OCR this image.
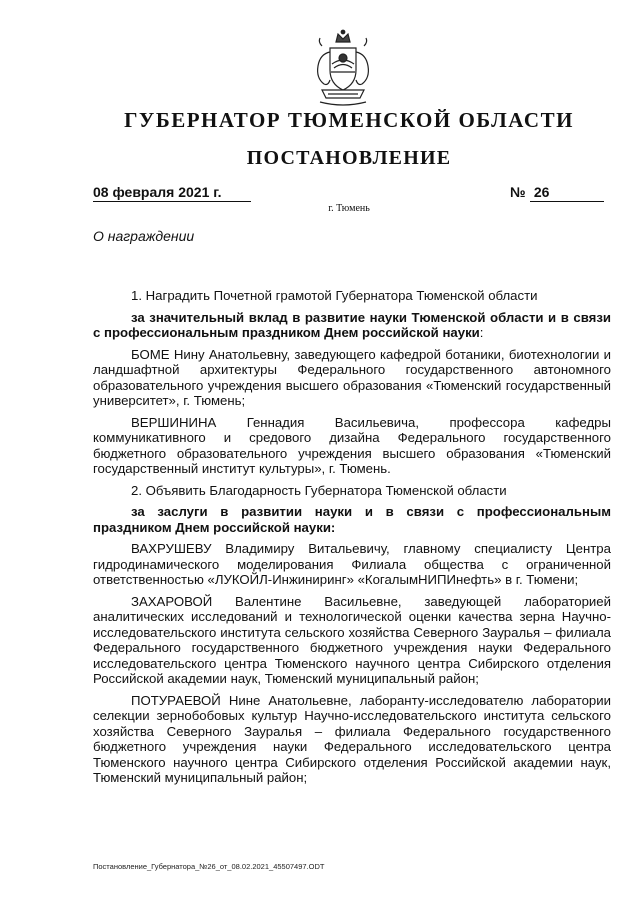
ГУБЕРНАТОР ТЮМЕНСКОЙ ОБЛАСТИ
ПОСТАНОВЛЕНИЕ
08 февраля 2021 г.	№ 26
г. Тюмень
О награждении

1. Наградить Почетной грамотой Губернатора Тюменской области

за значительный вклад в развитие науки Тюменской области и в связи с профессиональным праздником Днем российской науки:

БОМЕ Нину Анатольевну, заведующего кафедрой ботаники, биотехнологии и ландшафтной архитектуры Федерального государственного автономного образовательного учреждения высшего образования «Тюменский государственный университет», г. Тюмень;

ВЕРШИНИНА Геннадия Васильевича, профессора кафедры коммуникативного и средового дизайна Федерального государственного бюджетного образовательного учреждения высшего образования «Тюменский государственный институт культуры», г. Тюмень.

2. Объявить Благодарность Губернатора Тюменской области

за заслуги в развитии науки и в связи с профессиональным праздником Днем российской науки:

ВАХРУШЕВУ Владимиру Витальевичу, главному специалисту Центра гидродинамического моделирования Филиала общества с ограниченной ответственностью «ЛУКОЙЛ-Инжиниринг» «КогалымНИПИнефть» в г. Тюмени;

ЗАХАРОВОЙ Валентине Васильевне, заведующей лабораторией аналитических исследований и технологической оценки качества зерна Научно-исследовательского института сельского хозяйства Северного Зауралья – филиала Федерального государственного бюджетного учреждения науки Федерального исследовательского центра Тюменского научного центра Сибирского отделения Российской академии наук, Тюменский муниципальный район;

ПОТУРАЕВОЙ Нине Анатольевне, лаборанту-исследователю лаборатории селекции зернобобовых культур Научно-исследовательского института сельского хозяйства Северного Зауралья – филиала Федерального государственного бюджетного учреждения науки Федерального исследовательского центра Тюменского научного центра Сибирского отделения Российской академии наук, Тюменский муниципальный район;

Постановление_Губернатора_№26_от_08.02.2021_45507497.ODT
